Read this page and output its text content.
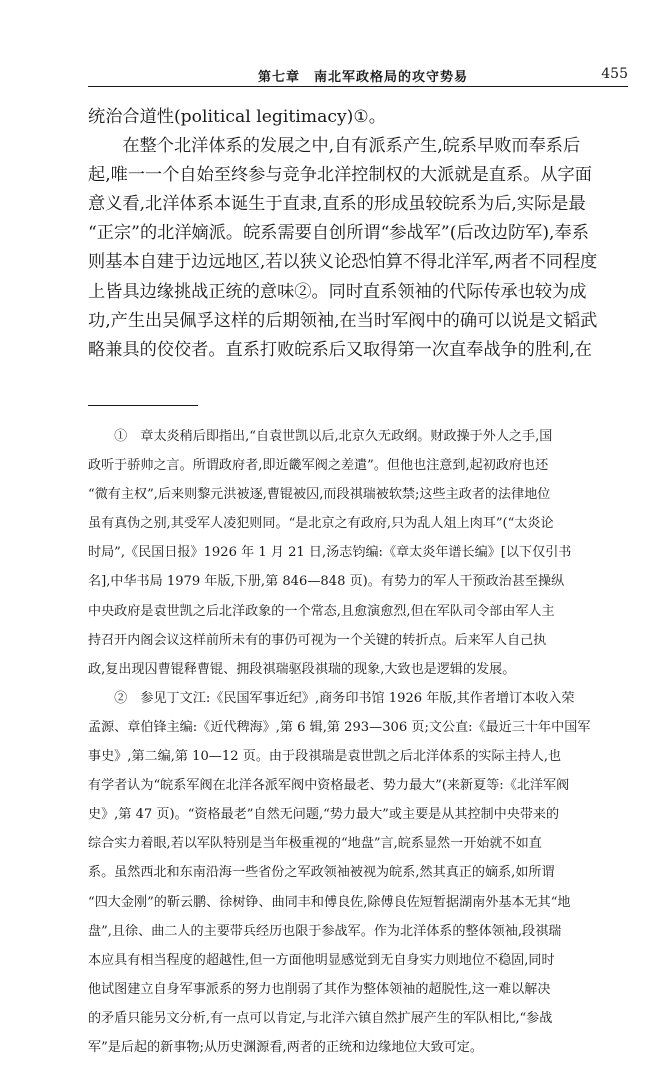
第七章　南北军政格局的攻守势易	455
统治合道性(political legitimacy)①。
　　在整个北洋体系的发展之中,自有派系产生,皖系早败而奉系后
起,唯一一个自始至终参与竞争北洋控制权的大派就是直系。从字面
意义看,北洋体系本诞生于直隶,直系的形成虽较皖系为后,实际是最
“正宗”的北洋嫡派。皖系需要自创所谓“参战军”(后改边防军),奉系
则基本自建于边远地区,若以狭义论恐怕算不得北洋军,两者不同程度
上皆具边缘挑战正统的意味②。同时直系领袖的代际传承也较为成
功,产生出吴佩孚这样的后期领袖,在当时军阀中的确可以说是文韬武
略兼具的佼佼者。直系打败皖系后又取得第一次直奉战争的胜利,在
　　①　章太炎稍后即指出,“自袁世凯以后,北京久无政纲。财政操于外人之手,国
政听于骄帅之言。所谓政府者,即近畿军阀之差遣”。但他也注意到,起初政府也还
“微有主权”,后来则黎元洪被逐,曹锟被囚,而段祺瑞被软禁;这些主政者的法律地位
虽有真伪之别,其受军人凌犯则同。“是北京之有政府,只为乱人俎上肉耳”(“太炎论
时局”,《民国日报》1926 年 1 月 21 日,汤志钧编:《章太炎年谱长编》[以下仅引书
名],中华书局 1979 年版,下册,第 846—848 页)。有势力的军人干预政治甚至操纵
中央政府是袁世凯之后北洋政象的一个常态,且愈演愈烈,但在军队司令部由军人主
持召开内阁会议这样前所未有的事仍可视为一个关键的转折点。后来军人自己执
政,复出现囚曹锟释曹锟、拥段祺瑞驱段祺瑞的现象,大致也是逻辑的发展。
　　②　参见丁文江:《民国军事近纪》,商务印书馆 1926 年版,其作者增订本收入荣
孟源、章伯锋主编:《近代稗海》,第 6 辑,第 293—306 页;文公直:《最近三十年中国军
事史》,第二编,第 10—12 页。由于段祺瑞是袁世凯之后北洋体系的实际主持人,也
有学者认为“皖系军阀在北洋各派军阀中资格最老、势力最大”(来新夏等:《北洋军阀
史》,第 47 页)。“资格最老”自然无问题,“势力最大”或主要是从其控制中央带来的
综合实力着眼,若以军队特别是当年极重视的“地盘”言,皖系显然一开始就不如直
系。虽然西北和东南沿海一些省份之军政领袖被视为皖系,然其真正的嫡系,如所谓
“四大金刚”的靳云鹏、徐树铮、曲同丰和傅良佐,除傅良佐短暂据湖南外基本无其“地
盘”,且徐、曲二人的主要带兵经历也限于参战军。作为北洋体系的整体领袖,段祺瑞
本应具有相当程度的超越性,但一方面他明显感觉到无自身实力则地位不稳固,同时
他试图建立自身军事派系的努力也削弱了其作为整体领袖的超脱性,这一难以解决
的矛盾只能另文分析,有一点可以肯定,与北洋六镇自然扩展产生的军队相比,“参战
军”是后起的新事物;从历史渊源看,两者的正统和边缘地位大致可定。
